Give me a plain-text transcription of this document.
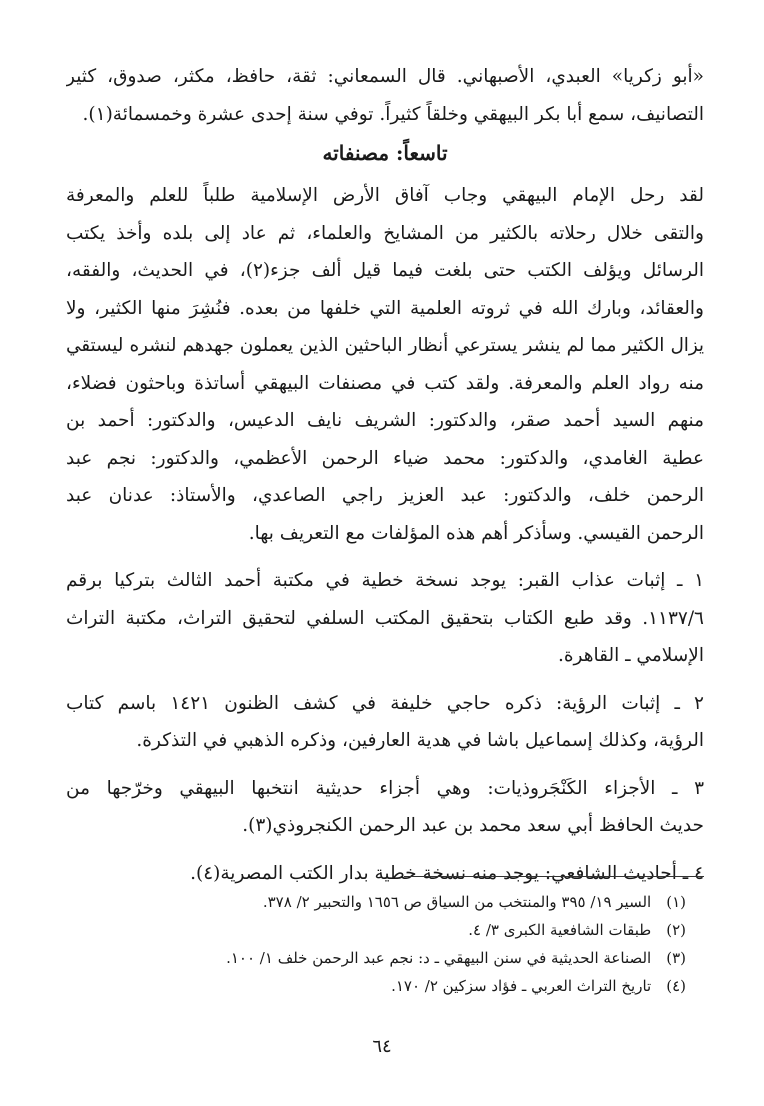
«أبو زكريا» العبدي، الأصبهاني. قال السمعاني: ثقة، حافظ، مكثر، صدوق، كثير
التصانيف، سمع أبا بكر البيهقي وخلقاً كثيراً. توفي سنة إحدى عشرة وخمسمائة(١).
تاسعاً: مصنفاته
لقد رحل الإمام البيهقي وجاب آفاق الأرض الإسلامية طلباً للعلم والمعرفة
والتقى خلال رحلاته بالكثير من المشايخ والعلماء، ثم عاد إلى بلده وأخذ يكتب
الرسائل ويؤلف الكتب حتى بلغت فيما قيل ألف جزء(٢)، في الحديث، والفقه،
والعقائد، وبارك الله في ثروته العلمية التي خلفها من بعده. فنُشِرَ منها الكثير، ولا
يزال الكثير مما لم ينشر يسترعي أنظار الباحثين الذين يعملون جهدهم لنشره ليستقي
منه رواد العلم والمعرفة. ولقد كتب في مصنفات البيهقي أساتذة وباحثون فضلاء،
منهم السيد أحمد صقر، والدكتور: الشريف نايف الدعيس، والدكتور: أحمد بن
عطية الغامدي، والدكتور: محمد ضياء الرحمن الأعظمي، والدكتور: نجم عبد
الرحمن خلف، والدكتور: عبد العزيز راجي الصاعدي، والأستاذ: عدنان عبد
الرحمن القيسي. وسأذكر أهم هذه المؤلفات مع التعريف بها.
١ ـ إثبات عذاب القبر: يوجد نسخة خطية في مكتبة أحمد الثالث بتركيا برقم
١١٣٧/٦. وقد طبع الكتاب بتحقيق المكتب السلفي لتحقيق التراث، مكتبة التراث
الإسلامي ـ القاهرة.
٢ ـ إثبات الرؤية: ذكره حاجي خليفة في كشف الظنون ١٤٢١ باسم كتاب
الرؤية، وكذلك إسماعيل باشا في هدية العارفين، وذكره الذهبي في التذكرة.
٣ ـ الأجزاء الكَنْجَروذيات: وهي أجزاء حديثية انتخبها البيهقي وخرّجها من
حديث الحافظ أبي سعد محمد بن عبد الرحمن الكنجروذي(٣).
٤ ـ أحاديث الشافعي: يوجد منه نسخة خطية بدار الكتب المصرية(٤).
(١) السير ١٩/ ٣٩٥ والمنتخب من السياق ص ١٦٥٦ والتحبير ٢/ ٣٧٨.
(٢) طبقات الشافعية الكبرى ٣/ ٤.
(٣) الصناعة الحديثية في سنن البيهقي ـ د: نجم عبد الرحمن خلف ١/ ١٠٠.
(٤) تاريخ التراث العربي ـ فؤاد سزكين ٢/ ١٧٠.
٦٤
